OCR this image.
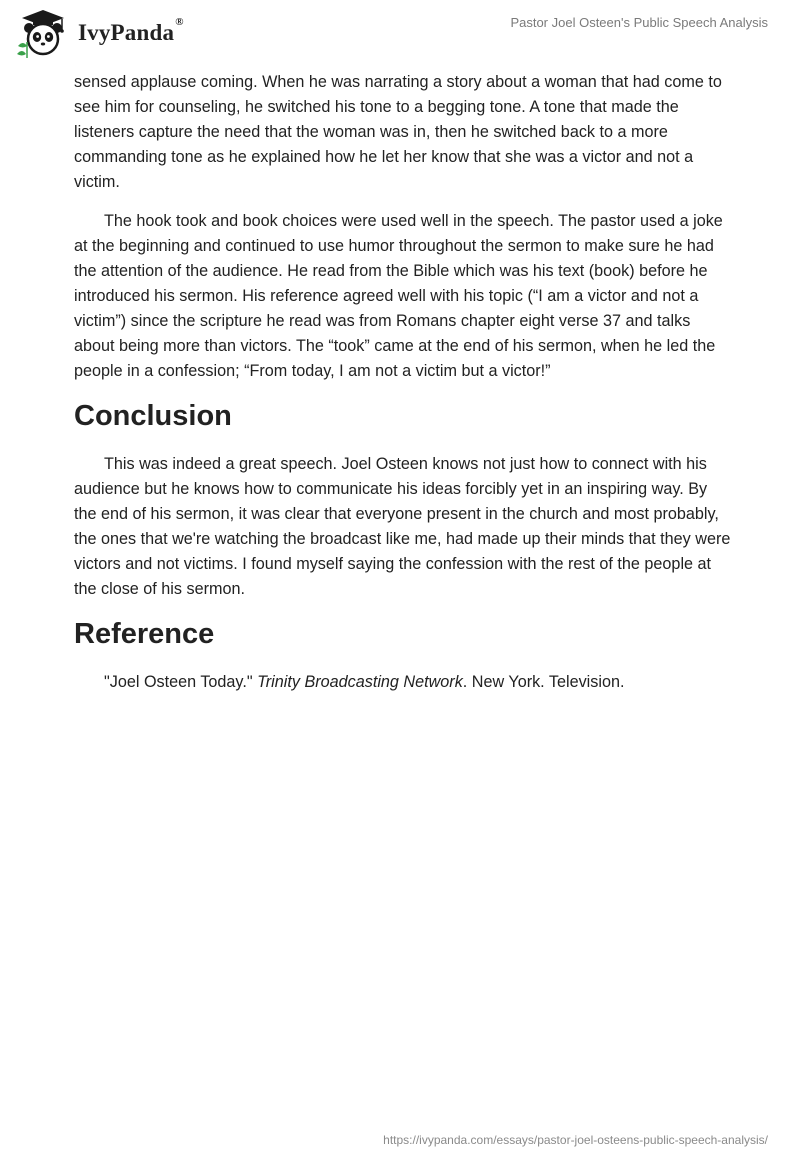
IvyPanda®	Pastor Joel Osteen's Public Speech Analysis

sensed applause coming. When he was narrating a story about a woman that had come to see him for counseling, he switched his tone to a begging tone. A tone that made the listeners capture the need that the woman was in, then he switched back to a more commanding tone as he explained how he let her know that she was a victor and not a victim.

The hook took and book choices were used well in the speech. The pastor used a joke at the beginning and continued to use humor throughout the sermon to make sure he had the attention of the audience. He read from the Bible which was his text (book) before he introduced his sermon. His reference agreed well with his topic (“I am a victor and not a victim”) since the scripture he read was from Romans chapter eight verse 37 and talks about being more than victors. The “took” came at the end of his sermon, when he led the people in a confession; “From today, I am not a victim but a victor!”

Conclusion

This was indeed a great speech. Joel Osteen knows not just how to connect with his audience but he knows how to communicate his ideas forcibly yet in an inspiring way. By the end of his sermon, it was clear that everyone present in the church and most probably, the ones that we're watching the broadcast like me, had made up their minds that they were victors and not victims. I found myself saying the confession with the rest of the people at the close of his sermon.

Reference

"Joel Osteen Today." Trinity Broadcasting Network. New York. Television.

https://ivypanda.com/essays/pastor-joel-osteens-public-speech-analysis/
